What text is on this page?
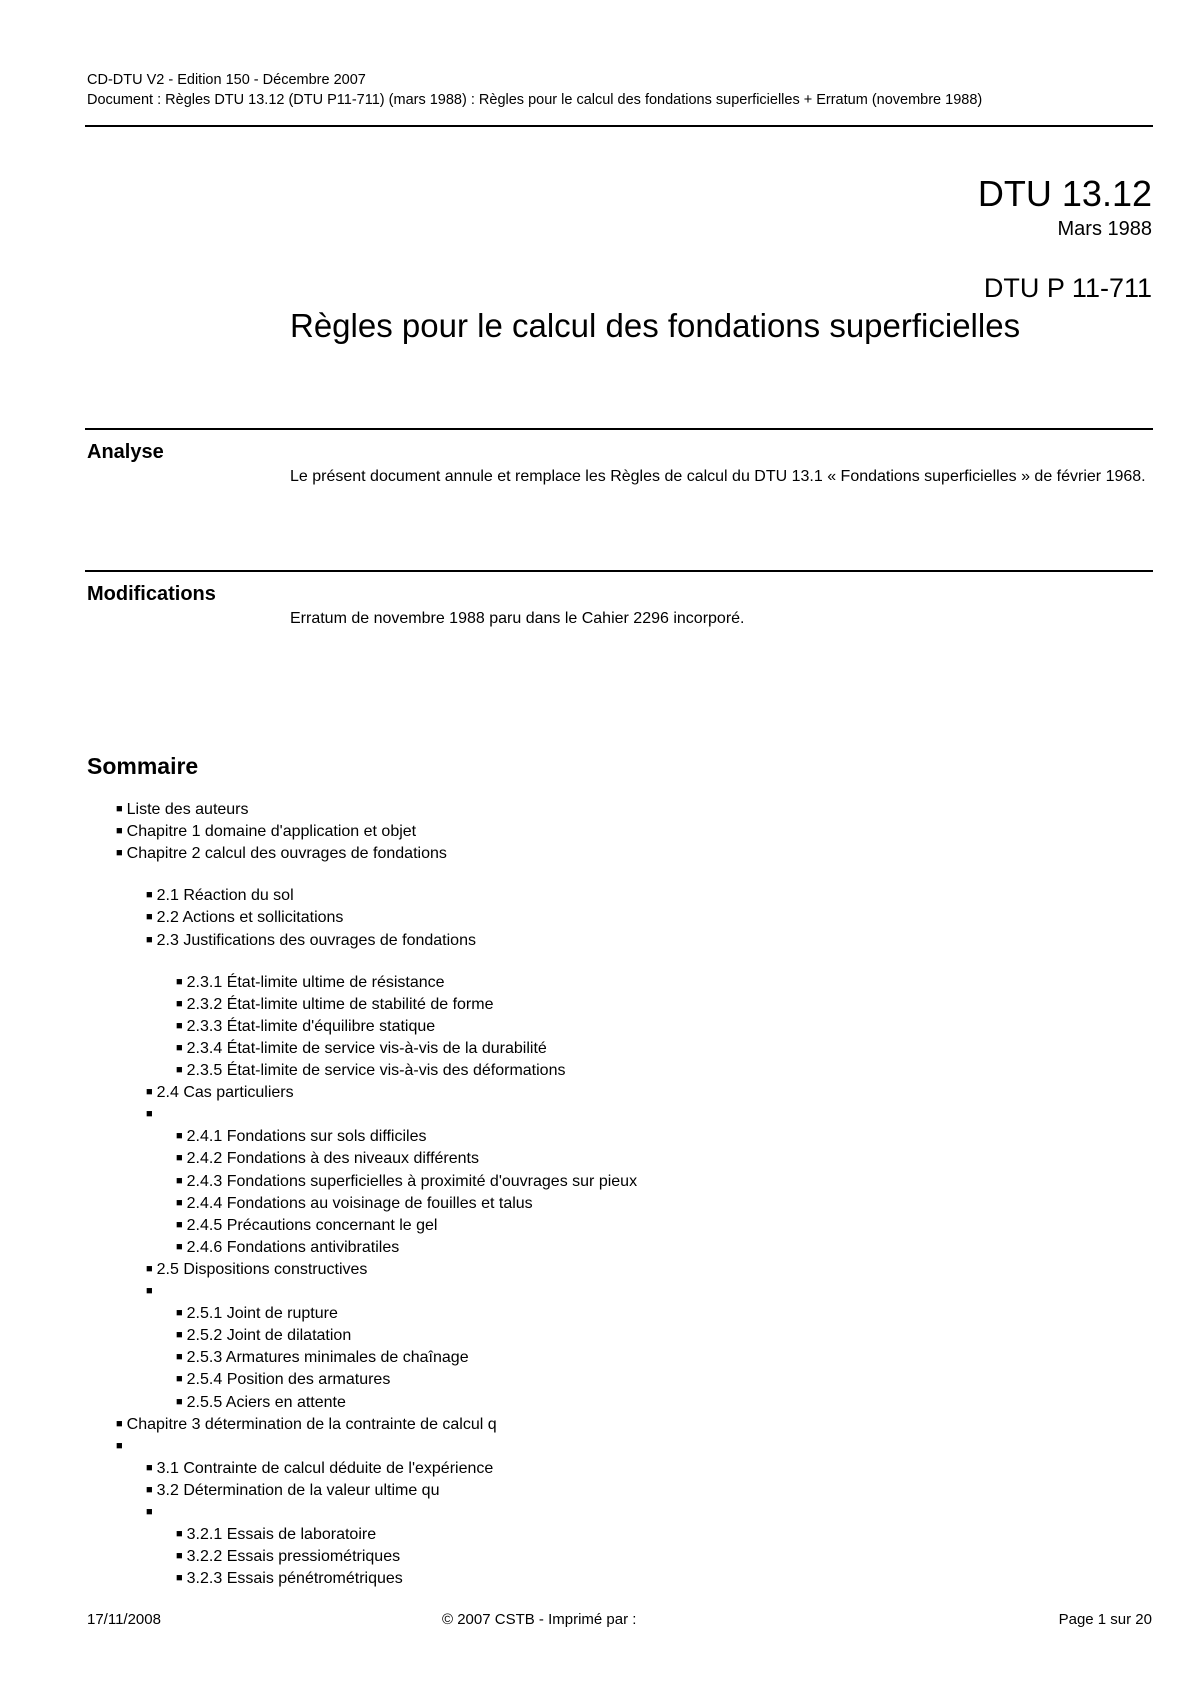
CD-DTU V2 - Edition 150 - Décembre 2007
Document : Règles DTU 13.12 (DTU P11-711) (mars 1988) : Règles pour le calcul des fondations superficielles + Erratum (novembre 1988)
DTU 13.12
Mars 1988
DTU P 11-711
Règles pour le calcul des fondations superficielles
Analyse
Le présent document annule et remplace les Règles de calcul du DTU 13.1 « Fondations superficielles » de février 1968.
Modifications
Erratum de novembre 1988 paru dans le Cahier 2296 incorporé.
Sommaire
■ Liste des auteurs
■ Chapitre 1 domaine d'application et objet
■ Chapitre 2 calcul des ouvrages de fondations
■ 2.1 Réaction du sol
■ 2.2 Actions et sollicitations
■ 2.3 Justifications des ouvrages de fondations
■ 2.3.1 État-limite ultime de résistance
■ 2.3.2 État-limite ultime de stabilité de forme
■ 2.3.3 État-limite d'équilibre statique
■ 2.3.4 État-limite de service vis-à-vis de la durabilité
■ 2.3.5 État-limite de service vis-à-vis des déformations
■ 2.4 Cas particuliers
■
■ 2.4.1 Fondations sur sols difficiles
■ 2.4.2 Fondations à des niveaux différents
■ 2.4.3 Fondations superficielles à proximité d'ouvrages sur pieux
■ 2.4.4 Fondations au voisinage de fouilles et talus
■ 2.4.5 Précautions concernant le gel
■ 2.4.6 Fondations antivibratiles
■ 2.5 Dispositions constructives
■
■ 2.5.1 Joint de rupture
■ 2.5.2 Joint de dilatation
■ 2.5.3 Armatures minimales de chaînage
■ 2.5.4 Position des armatures
■ 2.5.5 Aciers en attente
■ Chapitre 3 détermination de la contrainte de calcul q
■
■ 3.1 Contrainte de calcul déduite de l'expérience
■ 3.2 Détermination de la valeur ultime qu
■
■ 3.2.1 Essais de laboratoire
■ 3.2.2 Essais pressiométriques
■ 3.2.3 Essais pénétrométriques
17/11/2008	© 2007 CSTB - Imprimé par :	Page 1 sur 20
